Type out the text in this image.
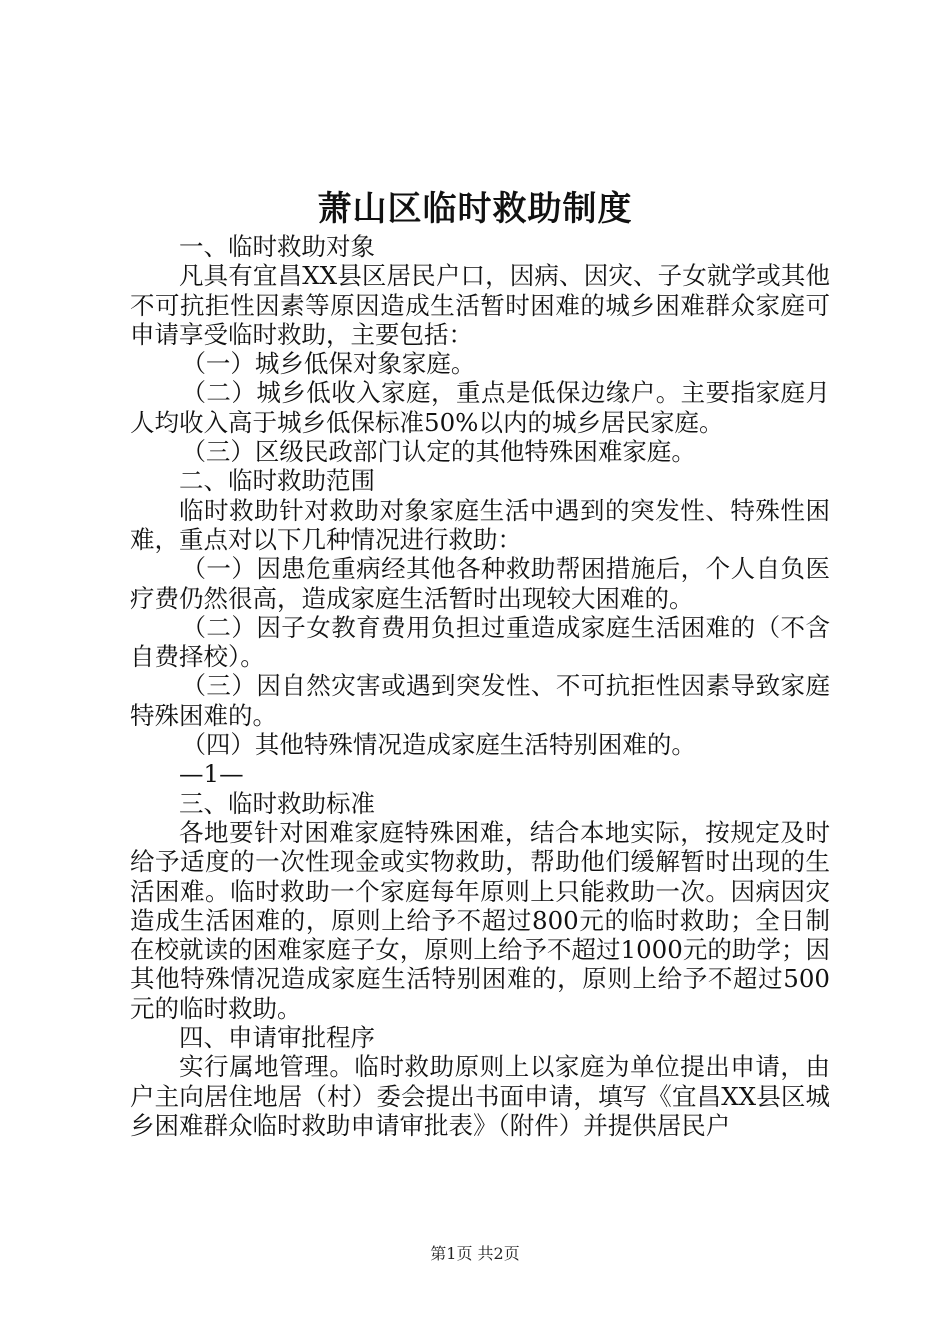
萧山区临时救助制度

一、临时救助对象

凡具有宜昌XX县区居民户口，因病、因灾、子女就学或其他不可抗拒性因素等原因造成生活暂时困难的城乡困难群众家庭可申请享受临时救助，主要包括：

（一）城乡低保对象家庭。

（二）城乡低收入家庭，重点是低保边缘户。主要指家庭月人均收入高于城乡低保标准50%以内的城乡居民家庭。

（三）区级民政部门认定的其他特殊困难家庭。

二、临时救助范围

临时救助针对救助对象家庭生活中遇到的突发性、特殊性困难，重点对以下几种情况进行救助：

（一）因患危重病经其他各种救助帮困措施后，个人自负医疗费仍然很高，造成家庭生活暂时出现较大困难的。

（二）因子女教育费用负担过重造成家庭生活困难的（不含自费择校）。

（三）因自然灾害或遇到突发性、不可抗拒性因素导致家庭特殊困难的。

（四）其他特殊情况造成家庭生活特别困难的。

—1—

三、临时救助标准

各地要针对困难家庭特殊困难，结合本地实际，按规定及时给予适度的一次性现金或实物救助，帮助他们缓解暂时出现的生活困难。临时救助一个家庭每年原则上只能救助一次。因病因灾造成生活困难的，原则上给予不超过800元的临时救助；全日制在校就读的困难家庭子女，原则上给予不超过1000元的助学；因其他特殊情况造成家庭生活特别困难的，原则上给予不超过500元的临时救助。

四、申请审批程序

实行属地管理。临时救助原则上以家庭为单位提出申请，由户主向居住地居（村）委会提出书面申请，填写《宜昌XX县区城乡困难群众临时救助申请审批表》（附件）并提供居民户

第1页 共2页
